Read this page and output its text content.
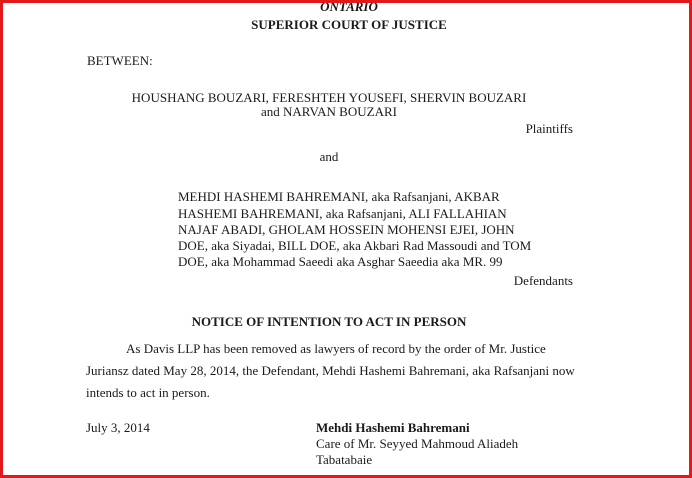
ONTARIO
SUPERIOR COURT OF JUSTICE
BETWEEN:
HOUSHANG BOUZARI, FERESHTEH YOUSEFI, SHERVIN BOUZARI
and NARVAN BOUZARI
Plaintiffs
and
MEHDI HASHEMI BAHREMANI, aka Rafsanjani, AKBAR
HASHEMI BAHREMANI, aka Rafsanjani, ALI FALLAHIAN
NAJAF ABADI, GHOLAM HOSSEIN MOHENSI EJEI, JOHN
DOE, aka Siyadai, BILL DOE, aka Akbari Rad Massoudi and TOM
DOE, aka Mohammad Saeedi aka Asghar Saeedia aka MR. 99
Defendants
NOTICE OF INTENTION TO ACT IN PERSON
As Davis LLP has been removed as lawyers of record by the order of Mr. Justice
Juriansz dated May 28, 2014, the Defendant, Mehdi Hashemi Bahremani, aka Rafsanjani now
intends to act in person.
July 3, 2014	Mehdi Hashemi Bahremani
Care of Mr. Seyyed Mahmoud Aliadeh
Tabatabaie
